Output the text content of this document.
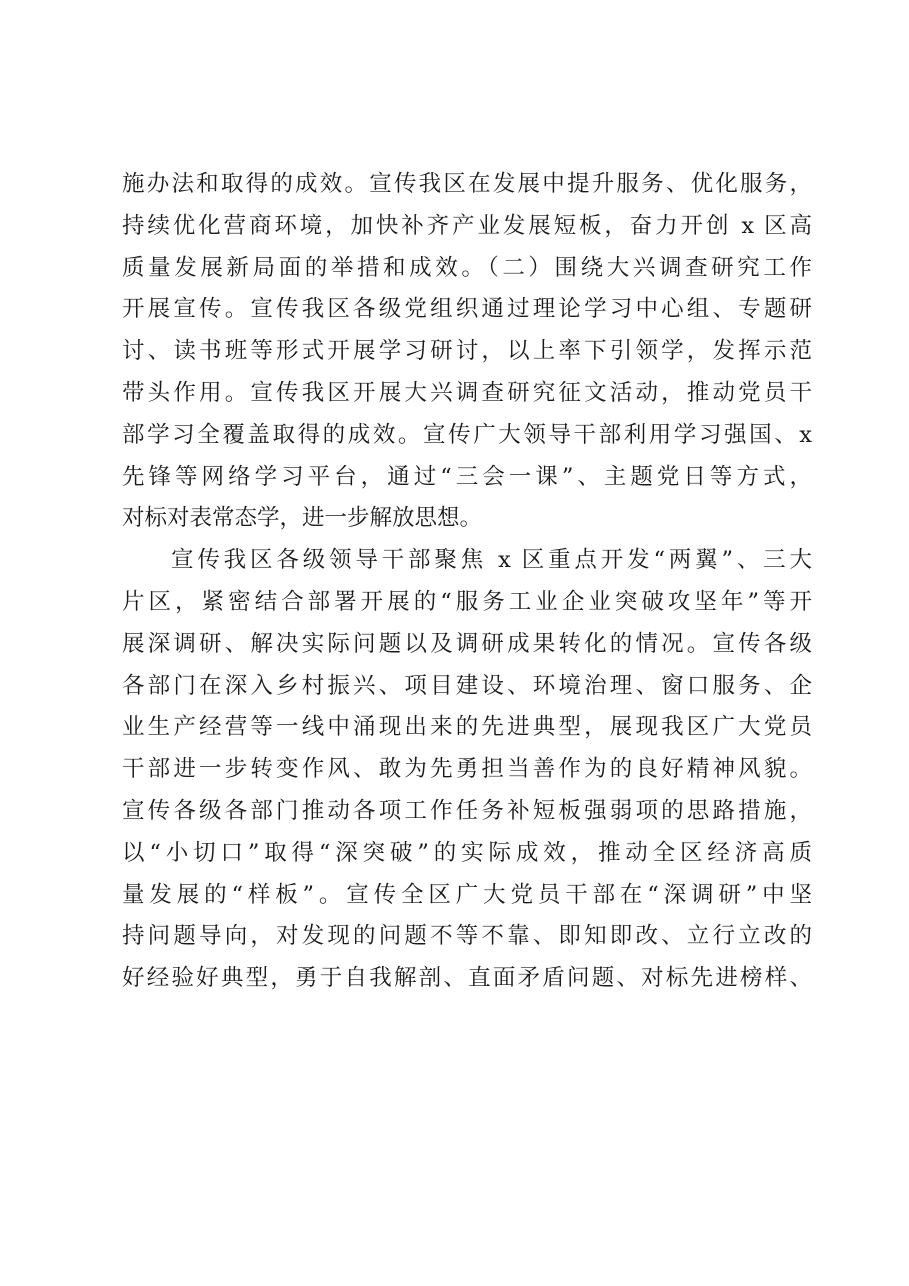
施办法和取得的成效。宣传我区在发展中提升服务、优化服务，
持续优化营商环境，加快补齐产业发展短板，奋力开创 x 区高
质量发展新局面的举措和成效。（二）围绕大兴调查研究工作
开展宣传。宣传我区各级党组织通过理论学习中心组、专题研
讨、读书班等形式开展学习研讨，以上率下引领学，发挥示范
带头作用。宣传我区开展大兴调查研究征文活动，推动党员干
部学习全覆盖取得的成效。宣传广大领导干部利用学习强国、x
先锋等网络学习平台，通过“三会一课”、主题党日等方式，
对标对表常态学，进一步解放思想。
宣传我区各级领导干部聚焦 x 区重点开发“两翼”、三大
片区，紧密结合部署开展的“服务工业企业突破攻坚年”等开
展深调研、解决实际问题以及调研成果转化的情况。宣传各级
各部门在深入乡村振兴、项目建设、环境治理、窗口服务、企
业生产经营等一线中涌现出来的先进典型，展现我区广大党员
干部进一步转变作风、敢为先勇担当善作为的良好精神风貌。
宣传各级各部门推动各项工作任务补短板强弱项的思路措施，
以“小切口”取得“深突破”的实际成效，推动全区经济高质
量发展的“样板”。宣传全区广大党员干部在“深调研”中坚
持问题导向，对发现的问题不等不靠、即知即改、立行立改的
好经验好典型，勇于自我解剖、直面矛盾问题、对标先进榜样、
